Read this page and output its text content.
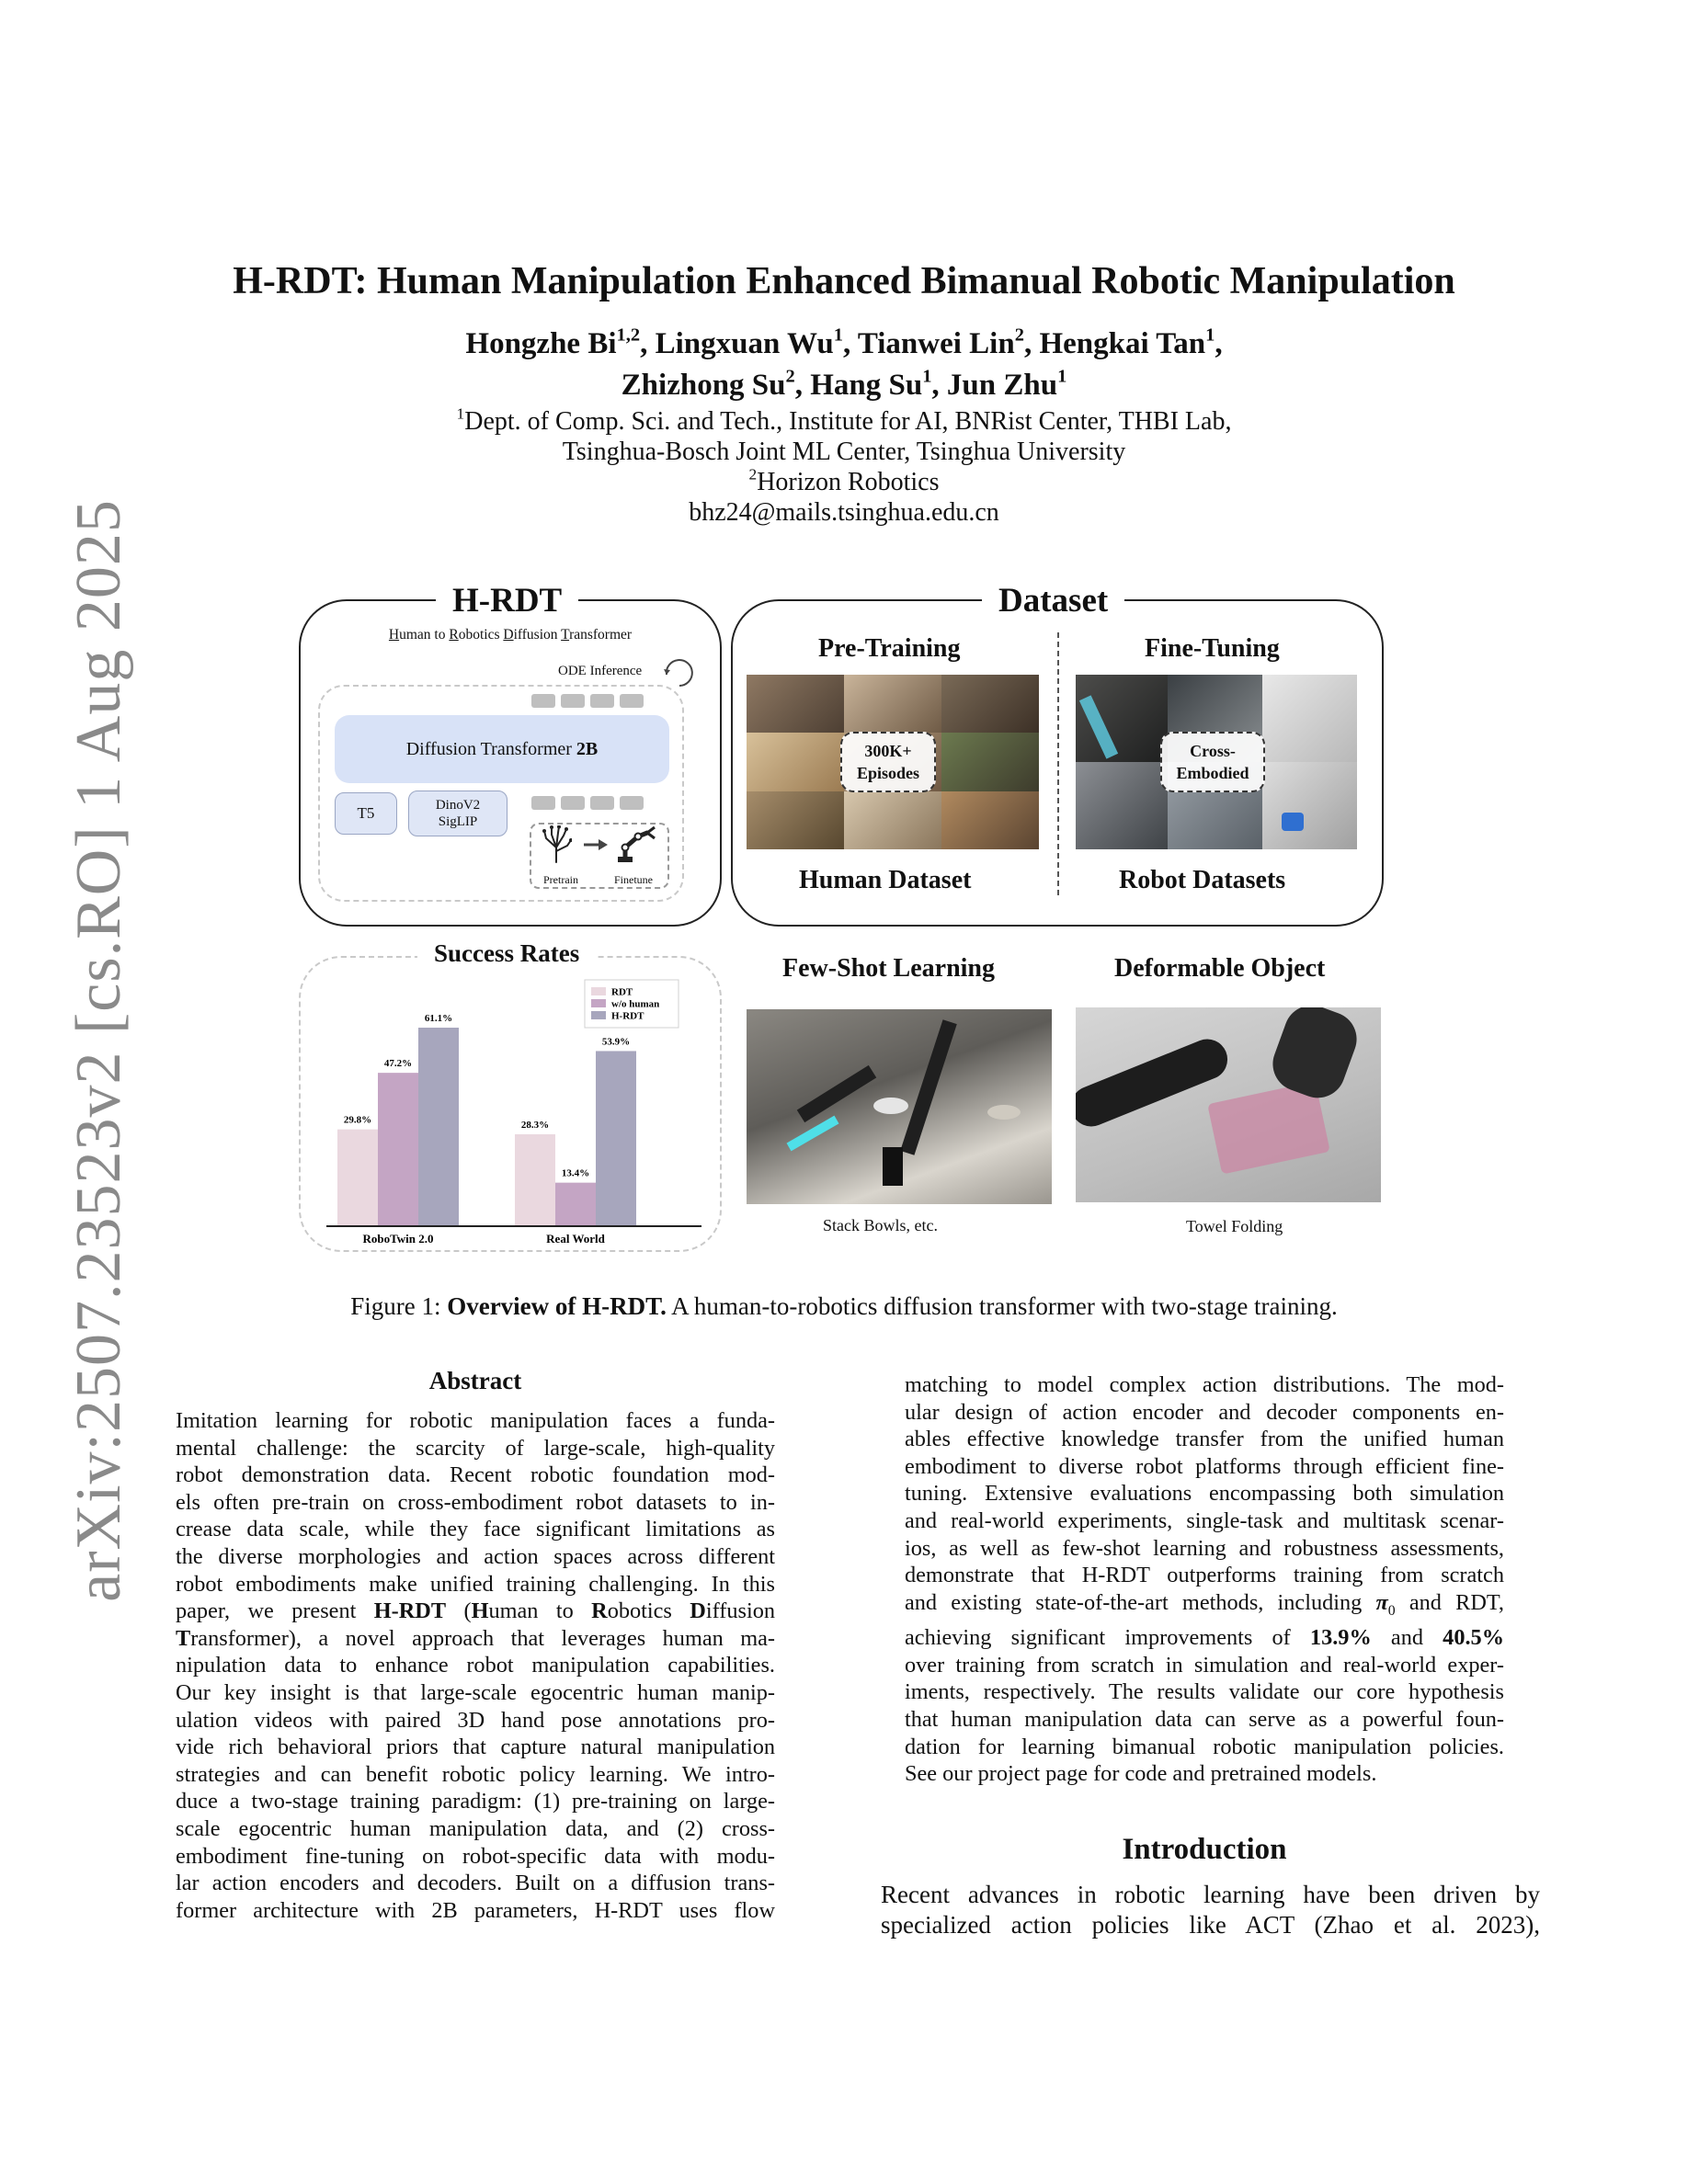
arXiv:2507.23523v2 [cs.RO] 1 Aug 2025
H-RDT: Human Manipulation Enhanced Bimanual Robotic Manipulation
Hongzhe Bi$^{1,2}$, Lingxuan Wu$^1$, Tianwei Lin$^2$, Hengkai Tan$^1$,
Zhizhong Su$^2$, Hang Su$^1$, Jun Zhu$^1$
$^1$Dept. of Comp. Sci. and Tech., Institute for AI, BNRist Center, THBI Lab,
Tsinghua-Bosch Joint ML Center, Tsinghua University
$^2$Horizon Robotics
bhz24@mails.tsinghua.edu.cn
H-RDT
Human to Robotics Diffusion Transformer
ODE Inference
Diffusion Transformer
2B
T5	DinoV2
SigLIP
Pretrain	Finetune
Dataset
Pre-Training	Fine-Tuning
300K+
Episodes
Cross-
Embodied
Human Dataset	Robot Datasets
Success Rates
RDT
w/o human
H-RDT
29.8%	28.3%
47.2%
13.4%
61.1%
53.9%
RoboTwin 2.0	Real World
Few-Shot Learning
Stack Bowls, etc.
Deformable Object
Towel Folding
Figure 1: Overview of H-RDT. A human-to-robotics diffusion transformer with two-stage training.
Abstract
Imitation learning for robotic manipulation faces a funda-
mental challenge: the scarcity of large-scale, high-quality
robot demonstration data. Recent robotic foundation mod-
els often pre-train on cross-embodiment robot datasets to in-
crease data scale, while they face significant limitations as
the diverse morphologies and action spaces across different
robot embodiments make unified training challenging. In this
paper, we present H-RDT (Human to Robotics Diffusion
Transformer), a novel approach that leverages human ma-
nipulation data to enhance robot manipulation capabilities.
Our key insight is that large-scale egocentric human manip-
ulation videos with paired 3D hand pose annotations pro-
vide rich behavioral priors that capture natural manipulation
strategies and can benefit robotic policy learning. We intro-
duce a two-stage training paradigm: (1) pre-training on large-
scale egocentric human manipulation data, and (2) cross-
embodiment fine-tuning on robot-specific data with modu-
lar action encoders and decoders. Built on a diffusion trans-
former architecture with 2B parameters, H-RDT uses flow
matching to model complex action distributions. The mod-
ular design of action encoder and decoder components en-
ables effective knowledge transfer from the unified human
embodiment to diverse robot platforms through efficient fine-
tuning. Extensive evaluations encompassing both simulation
and real-world experiments, single-task and multitask scenar-
ios, as well as few-shot learning and robustness assessments,
demonstrate that H-RDT outperforms training from scratch
and existing state-of-the-art methods, including $\pi_0$ and RDT,
achieving significant improvements of 13.9% and 40.5%
over training from scratch in simulation and real-world exper-
iments, respectively. The results validate our core hypothesis
that human manipulation data can serve as a powerful foun-
dation for learning bimanual robotic manipulation policies.
See our project page for code and pretrained models.
Introduction
Recent advances in robotic learning have been driven by
specialized action policies like ACT (Zhao et al. 2023),
